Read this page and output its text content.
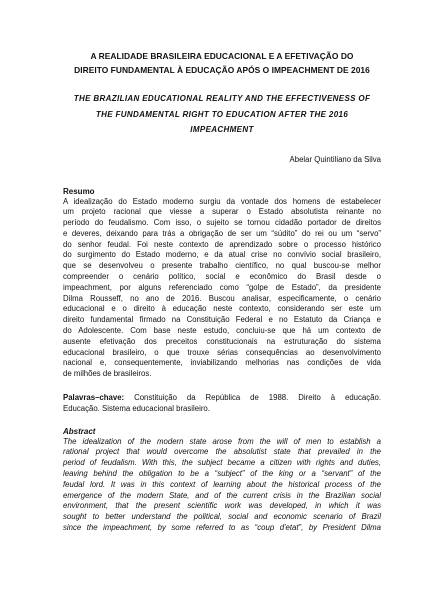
A REALIDADE BRASILEIRA EDUCACIONAL E A EFETIVAÇÃO DO
DIREITO FUNDAMENTAL À EDUCAÇÃO APÓS O IMPEACHMENT DE 2016
THE BRAZILIAN EDUCATIONAL REALITY AND THE EFFECTIVENESS OF
THE FUNDAMENTAL RIGHT TO EDUCATION AFTER THE 2016
IMPEACHMENT
Abelar Quintiliano da Silva
Resumo

A idealização do Estado moderno surgiu da vontade dos homens de estabelecer
um projeto racional que viesse a superar o Estado absolutista reinante no
período do feudalismo. Com isso, o sujeito se tornou cidadão portador de direitos
e deveres, deixando para trás a obrigação de ser um “súdito” do rei ou um “servo”
do senhor feudal. Foi neste contexto de aprendizado sobre o processo histórico
do surgimento do Estado moderno, e da atual crise no convívio social brasileiro,
que se desenvolveu o presente trabalho científico, no qual buscou-se melhor
compreender o cenário político, social e econômico do Brasil desde o
impeachment, por alguns referenciado como “golpe de Estado”, da presidente
Dilma Rousseff, no ano de 2016. Buscou analisar, especificamente, o cenário
educacional e o direito à educação neste contexto, considerando ser este um
direito fundamental firmado na Constituição Federal e no Estatuto da Criança e
do Adolescente. Com base neste estudo, concluiu-se que há um contexto de
ausente efetivação dos preceitos constitucionais na estruturação do sistema
educacional brasileiro, o que trouxe sérias consequências ao desenvolvimento
nacional e, consequentemente, inviabilizando melhorias nas condições de vida
de milhões de brasileiros.

Palavras–chave: Constituição da República de 1988. Direito à educação.
Educação. Sistema educacional brasileiro.
Abstract

The idealization of the modern state arose from the will of men to establish a
rational project that would overcome the absolutist state that prevailed in the
period of feudalism. With this, the subject became a citizen with rights and duties,
leaving behind the obligation to be a “subject” of the king or a “servant” of the
feudal lord. It was in this context of learning about the historical process of the
emergence of the modern State, and of the current crisis in the Brazilian social
environment, that the present scientific work was developed, in which it was
sought to better understand the political, social and economic scenario of Brazil
since the impeachment, by some referred to as “coup d'etat”, by President Dilma
